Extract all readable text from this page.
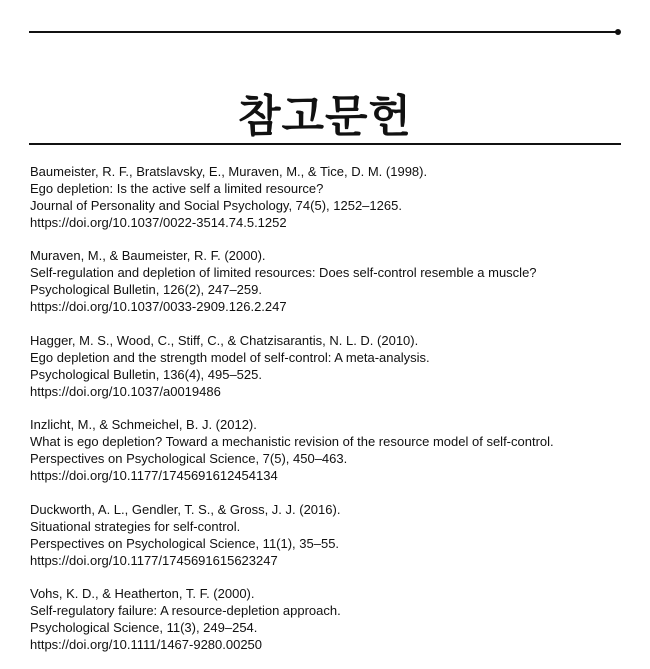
참고문헌
Baumeister, R. F., Bratslavsky, E., Muraven, M., & Tice, D. M. (1998).
Ego depletion: Is the active self a limited resource?
Journal of Personality and Social Psychology, 74(5), 1252–1265.
https://doi.org/10.1037/0022-3514.74.5.1252
Muraven, M., & Baumeister, R. F. (2000).
Self-regulation and depletion of limited resources: Does self-control resemble a muscle?
Psychological Bulletin, 126(2), 247–259.
https://doi.org/10.1037/0033-2909.126.2.247
Hagger, M. S., Wood, C., Stiff, C., & Chatzisarantis, N. L. D. (2010).
Ego depletion and the strength model of self-control: A meta-analysis.
Psychological Bulletin, 136(4), 495–525.
https://doi.org/10.1037/a0019486
Inzlicht, M., & Schmeichel, B. J. (2012).
What is ego depletion? Toward a mechanistic revision of the resource model of self-control.
Perspectives on Psychological Science, 7(5), 450–463.
https://doi.org/10.1177/1745691612454134
Duckworth, A. L., Gendler, T. S., & Gross, J. J. (2016).
Situational strategies for self-control.
Perspectives on Psychological Science, 11(1), 35–55.
https://doi.org/10.1177/1745691615623247
Vohs, K. D., & Heatherton, T. F. (2000).
Self-regulatory failure: A resource-depletion approach.
Psychological Science, 11(3), 249–254.
https://doi.org/10.1111/1467-9280.00250
